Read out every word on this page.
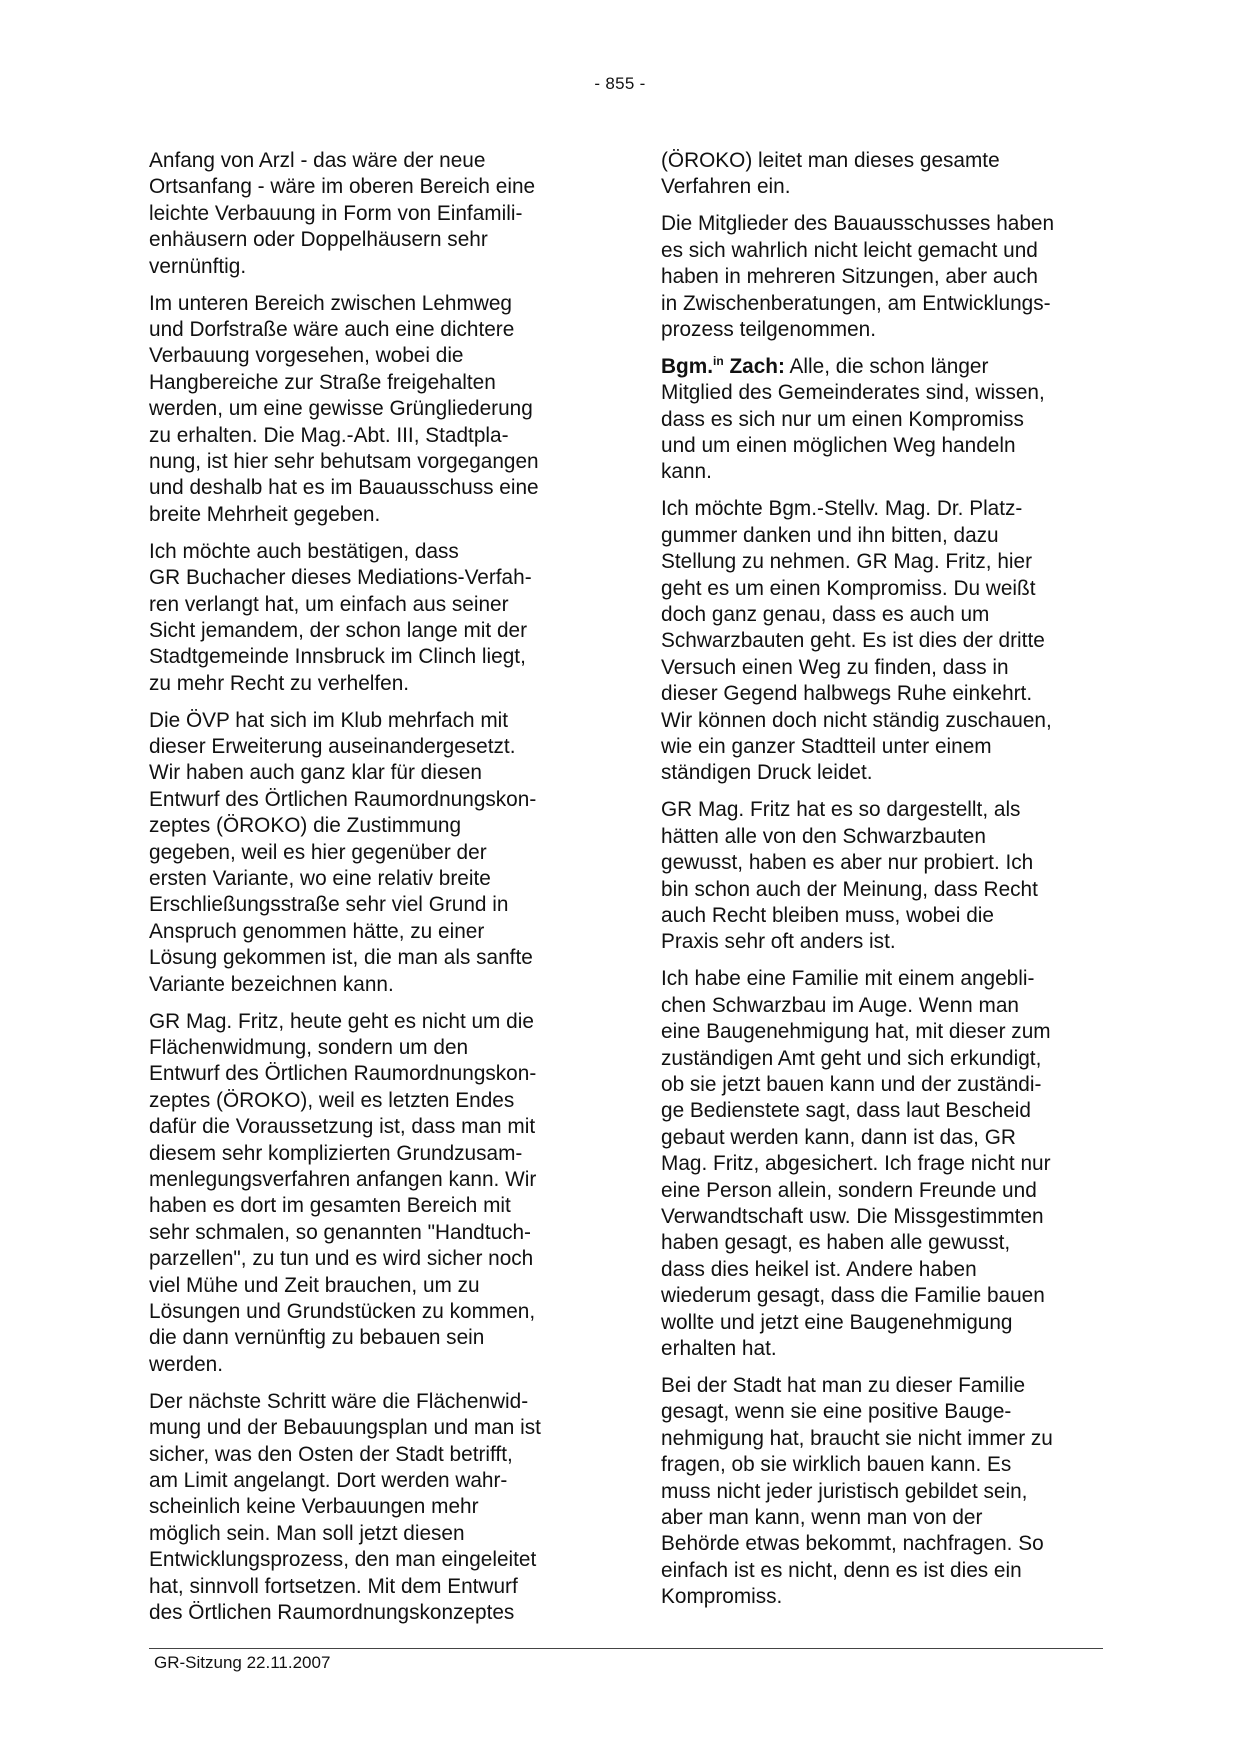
- 855 -

Anfang von Arzl - das wäre der neue
Ortsanfang - wäre im oberen Bereich eine
leichte Verbauung in Form von Einfamili-
enhäusern oder Doppelhäusern sehr
vernünftig.

Im unteren Bereich zwischen Lehmweg
und Dorfstraße wäre auch eine dichtere
Verbauung vorgesehen, wobei die
Hangbereiche zur Straße freigehalten
werden, um eine gewisse Grüngliederung
zu erhalten. Die Mag.-Abt. III, Stadtpla-
nung, ist hier sehr behutsam vorgegangen
und deshalb hat es im Bauausschuss eine
breite Mehrheit gegeben.

Ich möchte auch bestätigen, dass
GR Buchacher dieses Mediations-Verfah-
ren verlangt hat, um einfach aus seiner
Sicht jemandem, der schon lange mit der
Stadtgemeinde Innsbruck im Clinch liegt,
zu mehr Recht zu verhelfen.

Die ÖVP hat sich im Klub mehrfach mit
dieser Erweiterung auseinandergesetzt.
Wir haben auch ganz klar für diesen
Entwurf des Örtlichen Raumordnungskon-
zeptes (ÖROKO) die Zustimmung
gegeben, weil es hier gegenüber der
ersten Variante, wo eine relativ breite
Erschließungsstraße sehr viel Grund in
Anspruch genommen hätte, zu einer
Lösung gekommen ist, die man als sanfte
Variante bezeichnen kann.

GR Mag. Fritz, heute geht es nicht um die
Flächenwidmung, sondern um den
Entwurf des Örtlichen Raumordnungskon-
zeptes (ÖROKO), weil es letzten Endes
dafür die Voraussetzung ist, dass man mit
diesem sehr komplizierten Grundzusam-
menlegungsverfahren anfangen kann. Wir
haben es dort im gesamten Bereich mit
sehr schmalen, so genannten "Handtuch-
parzellen", zu tun und es wird sicher noch
viel Mühe und Zeit brauchen, um zu
Lösungen und Grundstücken zu kommen,
die dann vernünftig zu bebauen sein
werden.

Der nächste Schritt wäre die Flächenwid-
mung und der Bebauungsplan und man ist
sicher, was den Osten der Stadt betrifft,
am Limit angelangt. Dort werden wahr-
scheinlich keine Verbauungen mehr
möglich sein. Man soll jetzt diesen
Entwicklungsprozess, den man eingeleitet
hat, sinnvoll fortsetzen. Mit dem Entwurf
des Örtlichen Raumordnungskonzeptes

(ÖROKO) leitet man dieses gesamte
Verfahren ein.

Die Mitglieder des Bauausschusses haben
es sich wahrlich nicht leicht gemacht und
haben in mehreren Sitzungen, aber auch
in Zwischenberatungen, am Entwicklungs-
prozess teilgenommen.

Bgm.$^{in}$ Zach: Alle, die schon länger
Mitglied des Gemeinderates sind, wissen,
dass es sich nur um einen Kompromiss
und um einen möglichen Weg handeln
kann.

Ich möchte Bgm.-Stellv. Mag. Dr. Platz-
gummer danken und ihn bitten, dazu
Stellung zu nehmen. GR Mag. Fritz, hier
geht es um einen Kompromiss. Du weißt
doch ganz genau, dass es auch um
Schwarzbauten geht. Es ist dies der dritte
Versuch einen Weg zu finden, dass in
dieser Gegend halbwegs Ruhe einkehrt.
Wir können doch nicht ständig zuschauen,
wie ein ganzer Stadtteil unter einem
ständigen Druck leidet.

GR Mag. Fritz hat es so dargestellt, als
hätten alle von den Schwarzbauten
gewusst, haben es aber nur probiert. Ich
bin schon auch der Meinung, dass Recht
auch Recht bleiben muss, wobei die
Praxis sehr oft anders ist.

Ich habe eine Familie mit einem angebli-
chen Schwarzbau im Auge. Wenn man
eine Baugenehmigung hat, mit dieser zum
zuständigen Amt geht und sich erkundigt,
ob sie jetzt bauen kann und der zuständi-
ge Bedienstete sagt, dass laut Bescheid
gebaut werden kann, dann ist das, GR
Mag. Fritz, abgesichert. Ich frage nicht nur
eine Person allein, sondern Freunde und
Verwandtschaft usw. Die Missgestimmten
haben gesagt, es haben alle gewusst,
dass dies heikel ist. Andere haben
wiederum gesagt, dass die Familie bauen
wollte und jetzt eine Baugenehmigung
erhalten hat.

Bei der Stadt hat man zu dieser Familie
gesagt, wenn sie eine positive Bauge-
nehmigung hat, braucht sie nicht immer zu
fragen, ob sie wirklich bauen kann. Es
muss nicht jeder juristisch gebildet sein,
aber man kann, wenn man von der
Behörde etwas bekommt, nachfragen. So
einfach ist es nicht, denn es ist dies ein
Kompromiss.

GR-Sitzung 22.11.2007
